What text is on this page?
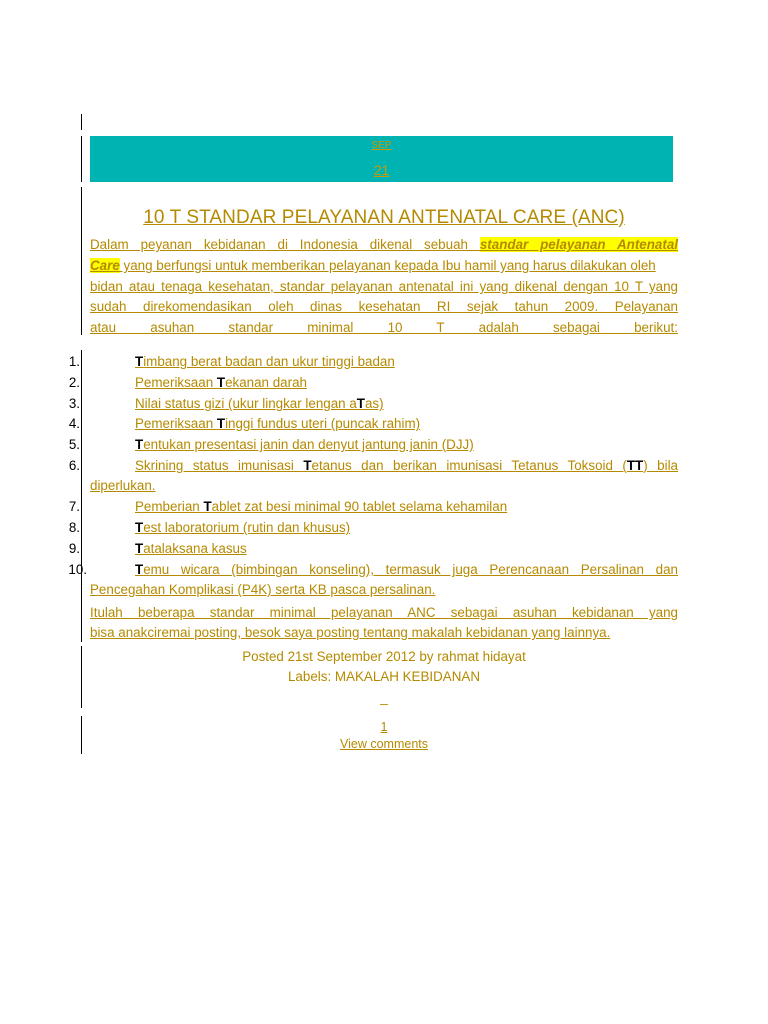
SEP
21
10 T STANDAR PELAYANAN ANTENATAL CARE (ANC)
Dalam peyanan kebidanan di Indonesia dikenal sebuah standar pelayanan Antenatal
Care yang berfungsi untuk memberikan pelayanan kepada Ibu hamil yang harus dilakukan oleh
bidan atau tenaga kesehatan, standar pelayanan antenatal ini yang dikenal dengan 10 T yang
sudah direkomendasikan oleh dinas kesehatan RI sejak tahun 2009. Pelayanan
atau asuhan standar minimal 10 T adalah sebagai berikut:
1.	Timbang berat badan dan ukur tinggi badan
2.	Pemeriksaan Tekanan darah
3.	Nilai status gizi (ukur lingkar lengan aTas)
4.	Pemeriksaan Tinggi fundus uteri (puncak rahim)
5.	Tentukan presentasi janin dan denyut jantung janin (DJJ)
6.	Skrining status imunisasi Tetanus dan berikan imunisasi Tetanus Toksoid (TT) bila
diperlukan.
7.	Pemberian Tablet zat besi minimal 90 tablet selama kehamilan
8.	Test laboratorium (rutin dan khusus)
9.	Tatalaksana kasus
10.	Temu wicara (bimbingan konseling), termasuk juga Perencanaan Persalinan dan
Pencegahan Komplikasi (P4K) serta KB pasca persalinan.
Itulah beberapa standar minimal pelayanan ANC sebagai asuhan kebidanan yang
bisa anakciremai posting, besok saya posting tentang makalah kebidanan yang lainnya.
Posted 21st September 2012 by rahmat hidayat
Labels: MAKALAH KEBIDANAN
_
1
View comments
